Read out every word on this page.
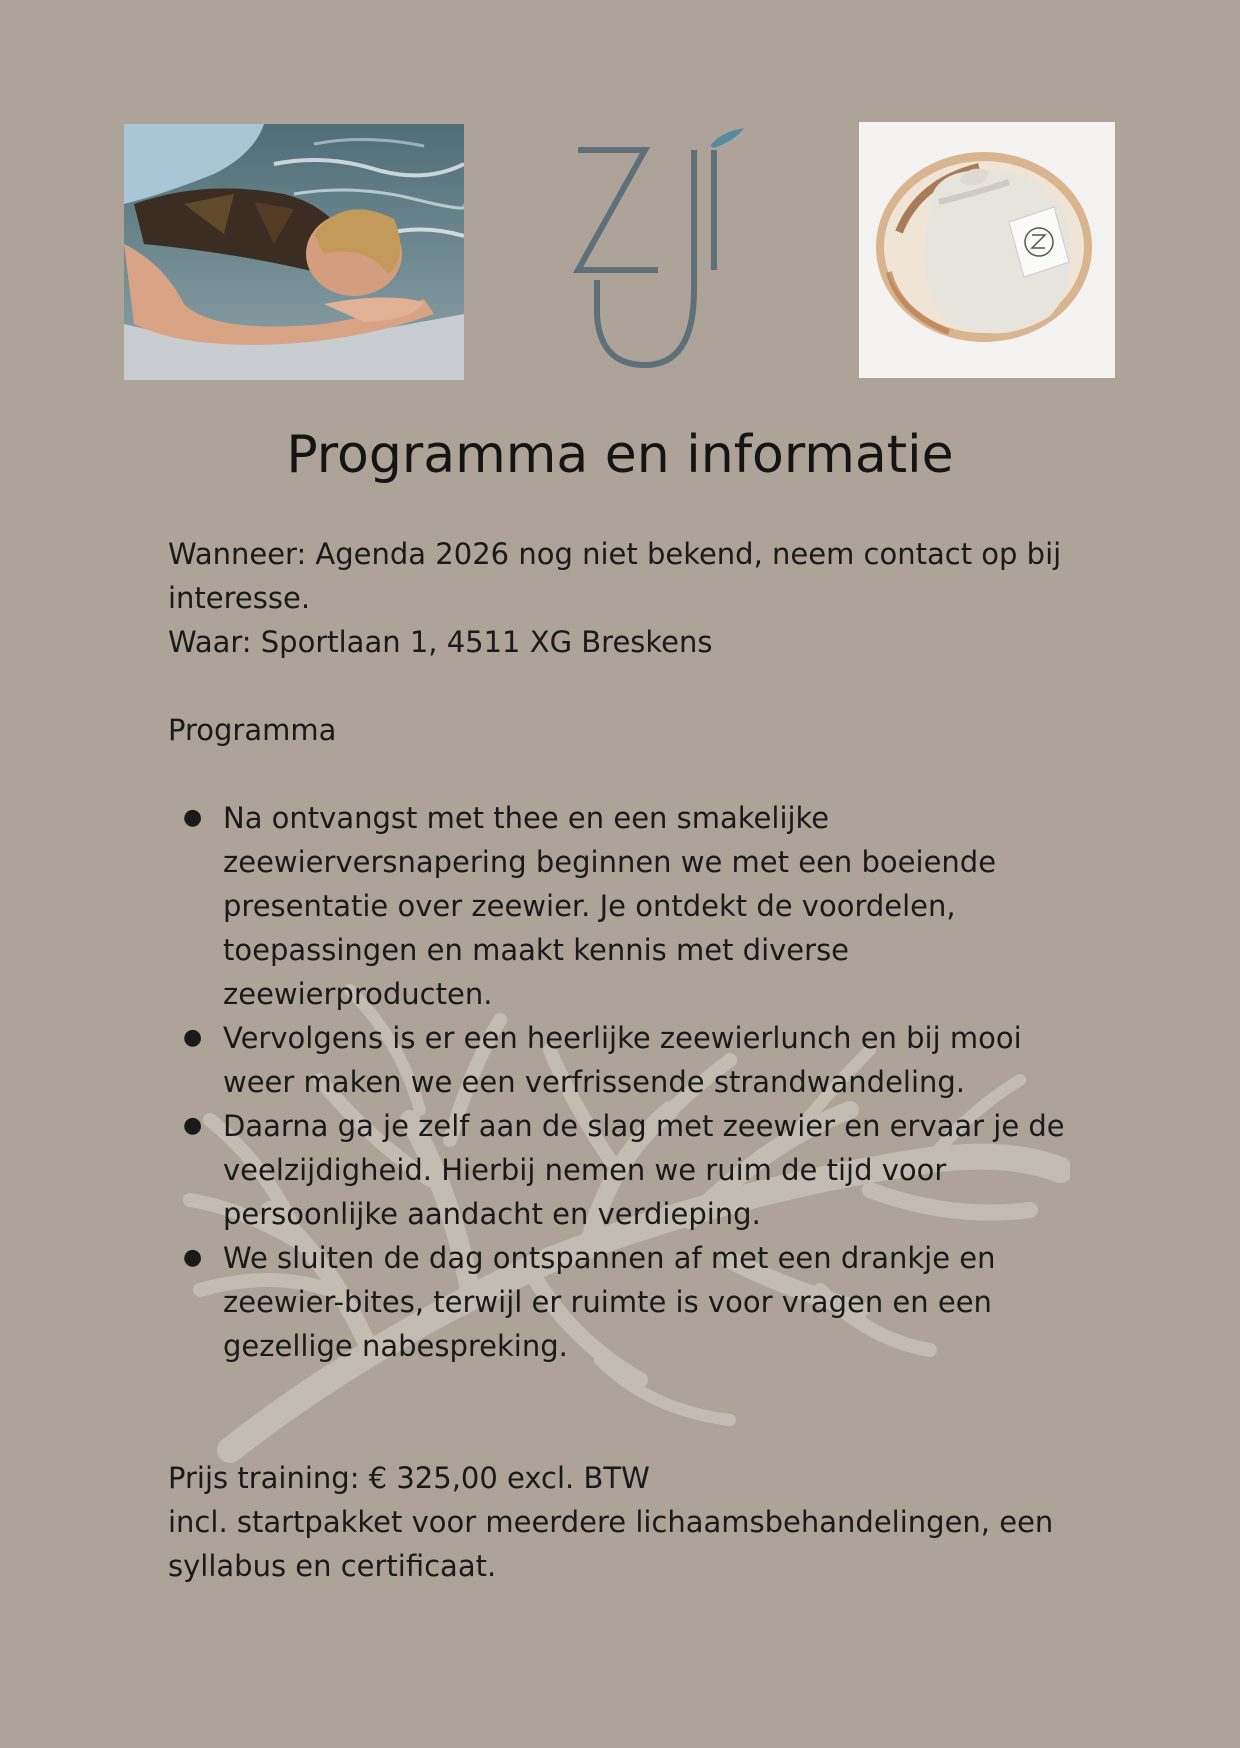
Programma en informatie

Wanneer: Agenda 2026 nog niet bekend, neem contact op bij interesse.

Waar: Sportlaan 1, 4511 XG Breskens

Programma

● Na ontvangst met thee en een smakelijke zeewierversnapering beginnen we met een boeiende presentatie over zeewier. Je ontdekt de voordelen, toepassingen en maakt kennis met diverse zeewierproducten.
● Vervolgens is er een heerlijke zeewierlunch en bij mooi weer maken we een verfrissende strandwandeling.
● Daarna ga je zelf aan de slag met zeewier en ervaar je de veelzijdigheid. Hierbij nemen we ruim de tijd voor persoonlijke aandacht en verdieping.
● We sluiten de dag ontspannen af met een drankje en zeewier-bites, terwijl er ruimte is voor vragen en een gezellige nabespreking.

Prijs training: € 325,00 excl. BTW

incl. startpakket voor meerdere lichaamsbehandelingen, een syllabus en certificaat.
